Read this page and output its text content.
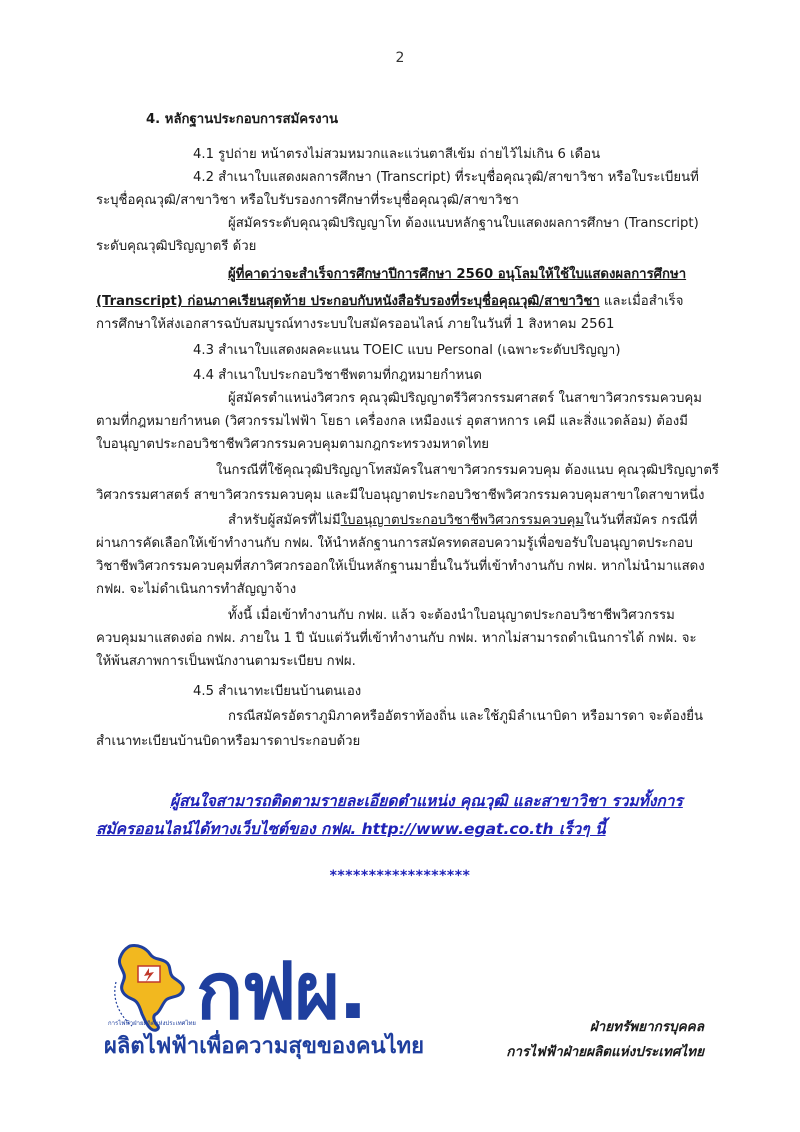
2
4. หลักฐานประกอบการสมัครงาน
4.1 รูปถ่าย หน้าตรงไม่สวมหมวกและแว่นตาสีเข้ม ถ่ายไว้ไม่เกิน 6 เดือน
4.2 สำเนาใบแสดงผลการศึกษา (Transcript) ที่ระบุชื่อคุณวุฒิ/สาขาวิชา หรือใบระเบียนที่
ระบุชื่อคุณวุฒิ/สาขาวิชา หรือใบรับรองการศึกษาที่ระบุชื่อคุณวุฒิ/สาขาวิชา
ผู้สมัครระดับคุณวุฒิปริญญาโท ต้องแนบหลักฐานใบแสดงผลการศึกษา (Transcript)
ระดับคุณวุฒิปริญญาตรี ด้วย
ผู้ที่คาดว่าจะสำเร็จการศึกษาปีการศึกษา 2560 อนุโลมให้ใช้ใบแสดงผลการศึกษา
(Transcript) ก่อนภาคเรียนสุดท้าย ประกอบกับหนังสือรับรองที่ระบุชื่อคุณวุฒิ/สาขาวิชา และเมื่อสำเร็จ
การศึกษาให้ส่งเอกสารฉบับสมบูรณ์ทางระบบใบสมัครออนไลน์ ภายในวันที่ 1 สิงหาคม 2561
4.3 สำเนาใบแสดงผลคะแนน TOEIC แบบ Personal (เฉพาะระดับปริญญา)
4.4 สำเนาใบประกอบวิชาชีพตามที่กฎหมายกำหนด
ผู้สมัครตำแหน่งวิศวกร คุณวุฒิปริญญาตรีวิศวกรรมศาสตร์ ในสาขาวิศวกรรมควบคุม
ตามที่กฎหมายกำหนด (วิศวกรรมไฟฟ้า โยธา เครื่องกล เหมืองแร่ อุตสาหการ เคมี และสิ่งแวดล้อม) ต้องมี
ใบอนุญาตประกอบวิชาชีพวิศวกรรมควบคุมตามกฎกระทรวงมหาดไทย
ในกรณีที่ใช้คุณวุฒิปริญญาโทสมัครในสาขาวิศวกรรมควบคุม ต้องแนบ คุณวุฒิปริญญาตรี
วิศวกรรมศาสตร์ สาขาวิศวกรรมควบคุม และมีใบอนุญาตประกอบวิชาชีพวิศวกรรมควบคุมสาขาใดสาขาหนึ่ง
สำหรับผู้สมัครที่ไม่มีใบอนุญาตประกอบวิชาชีพวิศวกรรมควบคุมในวันที่สมัคร กรณีที่
ผ่านการคัดเลือกให้เข้าทำงานกับ กฟผ. ให้นำหลักฐานการสมัครทดสอบความรู้เพื่อขอรับใบอนุญาตประกอบ
วิชาชีพวิศวกรรมควบคุมที่สภาวิศวกรออกให้เป็นหลักฐานมายื่นในวันที่เข้าทำงานกับ กฟผ. หากไม่นำมาแสดง
กฟผ. จะไม่ดำเนินการทำสัญญาจ้าง
ทั้งนี้ เมื่อเข้าทำงานกับ กฟผ. แล้ว จะต้องนำใบอนุญาตประกอบวิชาชีพวิศวกรรม
ควบคุมมาแสดงต่อ กฟผ. ภายใน 1 ปี นับแต่วันที่เข้าทำงานกับ กฟผ. หากไม่สามารถดำเนินการได้ กฟผ. จะ
ให้พ้นสภาพการเป็นพนักงานตามระเบียบ กฟผ.
4.5 สำเนาทะเบียนบ้านตนเอง
กรณีสมัครอัตราภูมิภาคหรืออัตราท้องถิ่น และใช้ภูมิลำเนาบิดา หรือมารดา จะต้องยื่น
สำเนาทะเบียนบ้านบิดาหรือมารดาประกอบด้วย
ผู้สนใจสามารถติดตามรายละเอียดตำแหน่ง คุณวุฒิ และสาขาวิชา รวมทั้งการ
สมัครออนไลน์ได้ทางเว็บไซต์ของ กฟผ. http://www.egat.co.th เร็วๆ นี้
******************
การไฟฟ้าฝ่ายผลิตแห่งประเทศไทย กฟผ.
ผลิตไฟฟ้าเพื่อความสุขของคนไทย
ฝ่ายทรัพยากรบุคคล
การไฟฟ้าฝ่ายผลิตแห่งประเทศไทย
